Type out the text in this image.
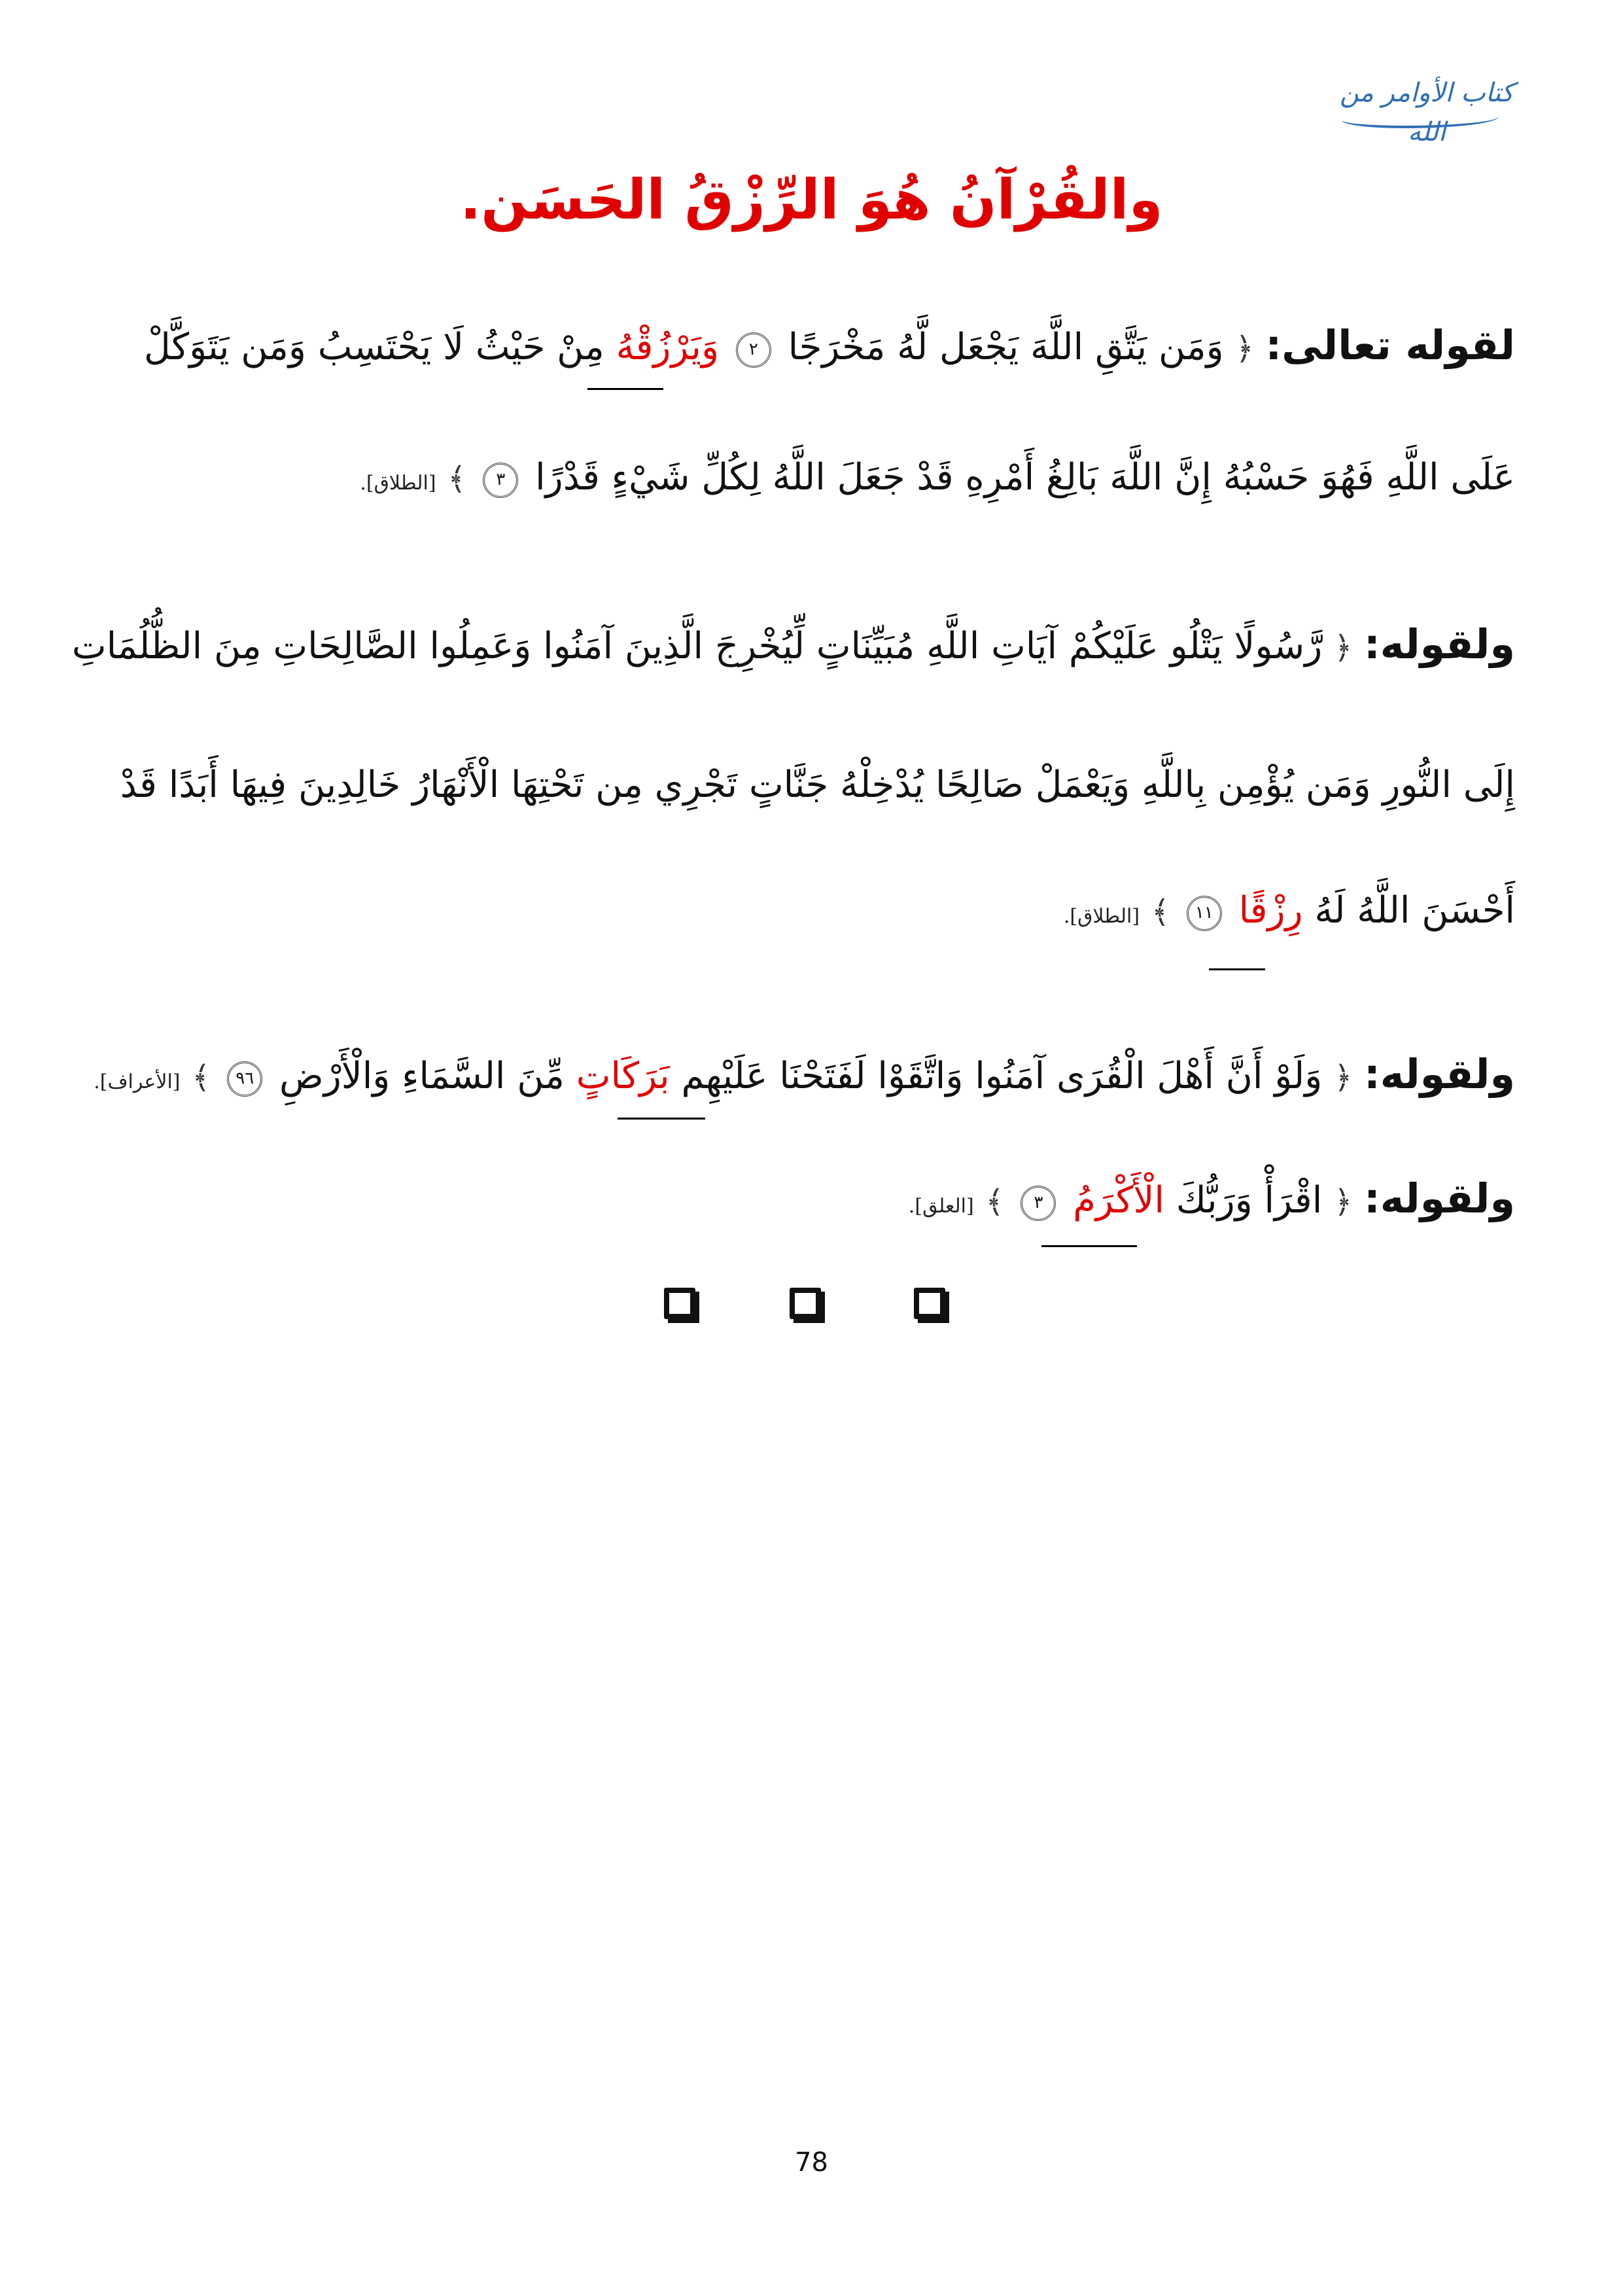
كتاب الأوامر من الله
والقُرْآنُ هُوَ الرِّزْقُ الحَسَن.
لقوله تعالى: ﴿ وَمَن يَتَّقِ اللَّهَ يَجْعَل لَّهُ مَخْرَجًا ٢ وَيَرْزُقْهُ مِنْ حَيْثُ لَا يَحْتَسِبُ وَمَن يَتَوَكَّلْ
عَلَى اللَّهِ فَهُوَ حَسْبُهُ إِنَّ اللَّهَ بَالِغُ أَمْرِهِ قَدْ جَعَلَ اللَّهُ لِكُلِّ شَيْءٍ قَدْرًا ٣ ﴾ [الطلاق].
ولقوله: ﴿ رَّسُولًا يَتْلُو عَلَيْكُمْ آيَاتِ اللَّهِ مُبَيِّنَاتٍ لِّيُخْرِجَ الَّذِينَ آمَنُوا وَعَمِلُوا الصَّالِحَاتِ مِنَ الظُّلُمَاتِ
إِلَى النُّورِ وَمَن يُؤْمِن بِاللَّهِ وَيَعْمَلْ صَالِحًا يُدْخِلْهُ جَنَّاتٍ تَجْرِي مِن تَحْتِهَا الْأَنْهَارُ خَالِدِينَ فِيهَا أَبَدًا قَدْ
أَحْسَنَ اللَّهُ لَهُ رِزْقًا ١١ ﴾ [الطلاق].
ولقوله: ﴿ وَلَوْ أَنَّ أَهْلَ الْقُرَى آمَنُوا وَاتَّقَوْا لَفَتَحْنَا عَلَيْهِم بَرَكَاتٍ مِّنَ السَّمَاءِ وَالْأَرْضِ ٩٦ ﴾ [الأعراف].
ولقوله: ﴿ اقْرَأْ وَرَبُّكَ الْأَكْرَمُ ٣ ﴾ [العلق].
78
